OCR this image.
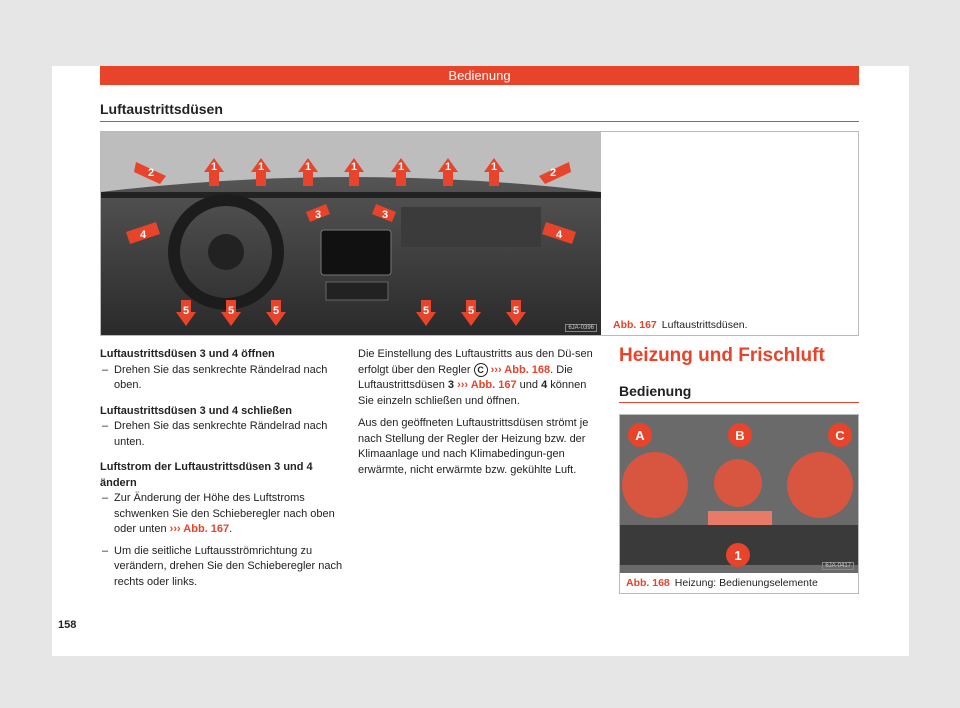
Bedienung
Luftaustrittsdüsen
1	1	1	1	1	1	1
2	2
3	3
4	4
5	5	5	5	5	5
6JA-0396 Abb. 167 Luftaustrittsdüsen.

Luftaustrittsdüsen 3 und 4 öffnen

– Drehen Sie das senkrechte Rändelrad nach oben.

Luftaustrittsdüsen 3 und 4 schließen

– Drehen Sie das senkrechte Rändelrad nach unten.

Luftstrom der Luftaustrittsdüsen 3 und 4 ändern

– Zur Änderung der Höhe des Luftstroms schwenken Sie den Schieberegler nach oben oder unten ››› Abb. 167.

– Um die seitliche Luftausströmrichtung zu verändern, drehen Sie den Schieberegler nach rechts oder links.

Die Einstellung des Luftaustritts aus den Dü-sen erfolgt über den Regler C ››› Abb. 168. Die Luftaustrittsdüsen 3 ››› Abb. 167 und 4 können Sie einzeln schließen und öffnen.

Aus den geöffneten Luftaustrittsdüsen strömt je nach Stellung der Regler der Heizung bzw. der Klimaanlage und nach Klimabedingun-gen erwärmte, nicht erwärmte bzw. gekühlte Luft.

Heizung und Frischluft
Bedienung
A	B	C
1
6JA-0417
Abb. 168 Heizung: Bedienungselemente
158
